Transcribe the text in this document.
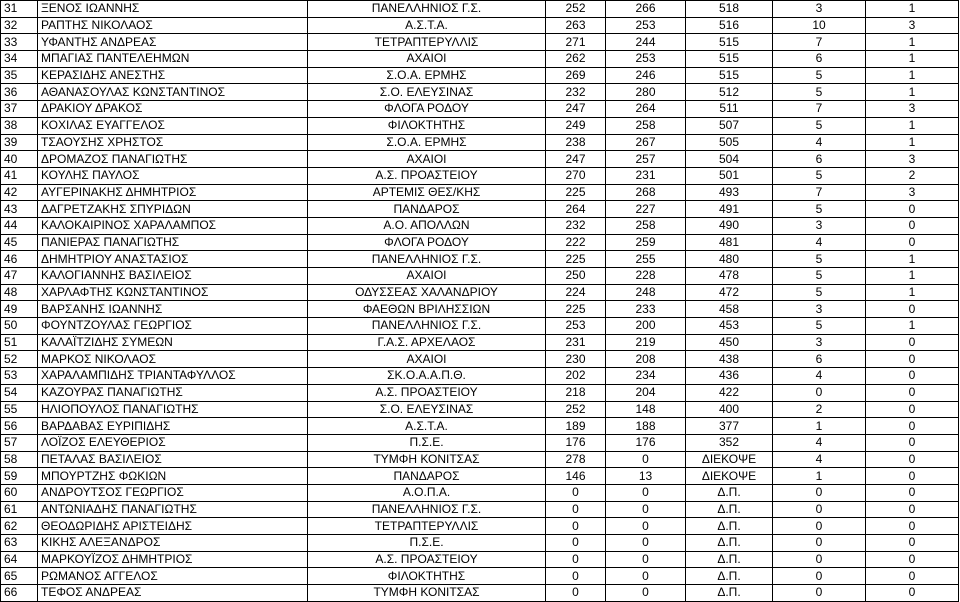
31	ΞΕΝΟΣ ΙΩΑΝΝΗΣ	ΠΑΝΕΛΛΗΝΙΟΣ Γ.Σ.	252	266	518	3	1
32	ΡΑΠΤΗΣ ΝΙΚΟΛΑΟΣ	Α.Σ.Τ.Α.	263	253	516	10	3
33	ΥΦΑΝΤΗΣ ΑΝΔΡΕΑΣ	ΤΕΤΡΑΠΤΕΡΥΛΛΙΣ	271	244	515	7	1
34	ΜΠΑΓΙΑΣ ΠΑΝΤΕΛΕΗΜΩΝ	ΑΧΑΙΟΙ	262	253	515	6	1
35	ΚΕΡΑΣΙΔΗΣ ΑΝΕΣΤΗΣ	Σ.Ο.Α. ΕΡΜΗΣ	269	246	515	5	1
36	ΑΘΑΝΑΣΟΥΛΑΣ ΚΩΝΣΤΑΝΤΙΝΟΣ	Σ.Ο. ΕΛΕΥΣΙΝΑΣ	232	280	512	5	1
37	ΔΡΑΚΙΟΥ ΔΡΑΚΟΣ	ΦΛΟΓΑ ΡΟΔΟΥ	247	264	511	7	3
38	ΚΟΧΙΛΑΣ ΕΥΑΓΓΕΛΟΣ	ΦΙΛΟΚΤΗΤΗΣ	249	258	507	5	1
39	ΤΣΑΟΥΣΗΣ ΧΡΗΣΤΟΣ	Σ.Ο.Α. ΕΡΜΗΣ	238	267	505	4	1
40	ΔΡΟΜΑΖΟΣ ΠΑΝΑΓΙΩΤΗΣ	ΑΧΑΙΟΙ	247	257	504	6	3
41	ΚΟΥΛΗΣ ΠΑΥΛΟΣ	Α.Σ. ΠΡΟΑΣΤΕΙΟΥ	270	231	501	5	2
42	ΑΥΓΕΡΙΝΑΚΗΣ ΔΗΜΗΤΡΙΟΣ	ΑΡΤΕΜΙΣ ΘΕΣ/ΚΗΣ	225	268	493	7	3
43	ΔΑΓΡΕΤΖΑΚΗΣ ΣΠΥΡΙΔΩΝ	ΠΑΝΔΑΡΟΣ	264	227	491	5	0
44	ΚΑΛΟΚΑΙΡΙΝΟΣ ΧΑΡΑΛΑΜΠΟΣ	Α.Ο. ΑΠΟΛΛΩΝ	232	258	490	3	0
45	ΠΑΝΙΕΡΑΣ ΠΑΝΑΓΙΩΤΗΣ	ΦΛΟΓΑ ΡΟΔΟΥ	222	259	481	4	0
46	ΔΗΜΗΤΡΙΟΥ ΑΝΑΣΤΑΣΙΟΣ	ΠΑΝΕΛΛΗΝΙΟΣ Γ.Σ.	225	255	480	5	1
47	ΚΑΛΟΓΙΑΝΝΗΣ ΒΑΣΙΛΕΙΟΣ	ΑΧΑΙΟΙ	250	228	478	5	1
48	ΧΑΡΛΑΦΤΗΣ ΚΩΝΣΤΑΝΤΙΝΟΣ	ΟΔΥΣΣΕΑΣ ΧΑΛΑΝΔΡΙΟΥ	224	248	472	5	1
49	ΒΑΡΣΑΝΗΣ ΙΩΑΝΝΗΣ	ΦΑΕΘΩΝ ΒΡΙΛΗΣΣΙΩΝ	225	233	458	3	0
50	ΦΟΥΝΤΖΟΥΛΑΣ ΓΕΩΡΓΙΟΣ	ΠΑΝΕΛΛΗΝΙΟΣ Γ.Σ.	253	200	453	5	1
51	ΚΑΛΑΪΤΖΙΔΗΣ ΣΥΜΕΩΝ	Γ.Α.Σ. ΑΡΧΕΛΑΟΣ	231	219	450	3	0
52	ΜΑΡΚΟΣ ΝΙΚΟΛΑΟΣ	ΑΧΑΙΟΙ	230	208	438	6	0
53	ΧΑΡΑΛΑΜΠΙΔΗΣ ΤΡΙΑΝΤΑΦΥΛΛΟΣ	ΣΚ.Ο.Α.Α.Π.Θ.	202	234	436	4	0
54	ΚΑΖΟΥΡΑΣ ΠΑΝΑΓΙΩΤΗΣ	Α.Σ. ΠΡΟΑΣΤΕΙΟΥ	218	204	422	0	0
55	ΗΛΙΟΠΟΥΛΟΣ ΠΑΝΑΓΙΩΤΗΣ	Σ.Ο. ΕΛΕΥΣΙΝΑΣ	252	148	400	2	0
56	ΒΑΡΔΑΒΑΣ ΕΥΡΙΠΙΔΗΣ	Α.Σ.Τ.Α.	189	188	377	1	0
57	ΛΟΪΖΟΣ ΕΛΕΥΘΕΡΙΟΣ	Π.Σ.Ε.	176	176	352	4	0
58	ΠΕΤΑΛΑΣ ΒΑΣΙΛΕΙΟΣ	ΤΥΜΦΗ ΚΟΝΙΤΣΑΣ	278	0	ΔΙΕΚΟΨΕ	4	0
59	ΜΠΟΥΡΤΖΗΣ ΦΩΚΙΩΝ	ΠΑΝΔΑΡΟΣ	146	13	ΔΙΕΚΟΨΕ	1	0
60	ΑΝΔΡΟΥΤΣΟΣ ΓΕΩΡΓΙΟΣ	Α.Ο.Π.Α.	0	0	Δ.Π.	0	0
61	ΑΝΤΩΝΙΑΔΗΣ ΠΑΝΑΓΙΩΤΗΣ	ΠΑΝΕΛΛΗΝΙΟΣ Γ.Σ.	0	0	Δ.Π.	0	0
62	ΘΕΟΔΩΡΙΔΗΣ ΑΡΙΣΤΕΙΔΗΣ	ΤΕΤΡΑΠΤΕΡΥΛΛΙΣ	0	0	Δ.Π.	0	0
63	ΚΙΚΗΣ ΑΛΕΞΑΝΔΡΟΣ	Π.Σ.Ε.	0	0	Δ.Π.	0	0
64	ΜΑΡΚΟΥΪΖΟΣ ΔΗΜΗΤΡΙΟΣ	Α.Σ. ΠΡΟΑΣΤΕΙΟΥ	0	0	Δ.Π.	0	0
65	ΡΩΜΑΝΟΣ ΑΓΓΕΛΟΣ	ΦΙΛΟΚΤΗΤΗΣ	0	0	Δ.Π.	0	0
66	ΤΕΦΟΣ ΑΝΔΡΕΑΣ	ΤΥΜΦΗ ΚΟΝΙΤΣΑΣ	0	0	Δ.Π.	0	0
